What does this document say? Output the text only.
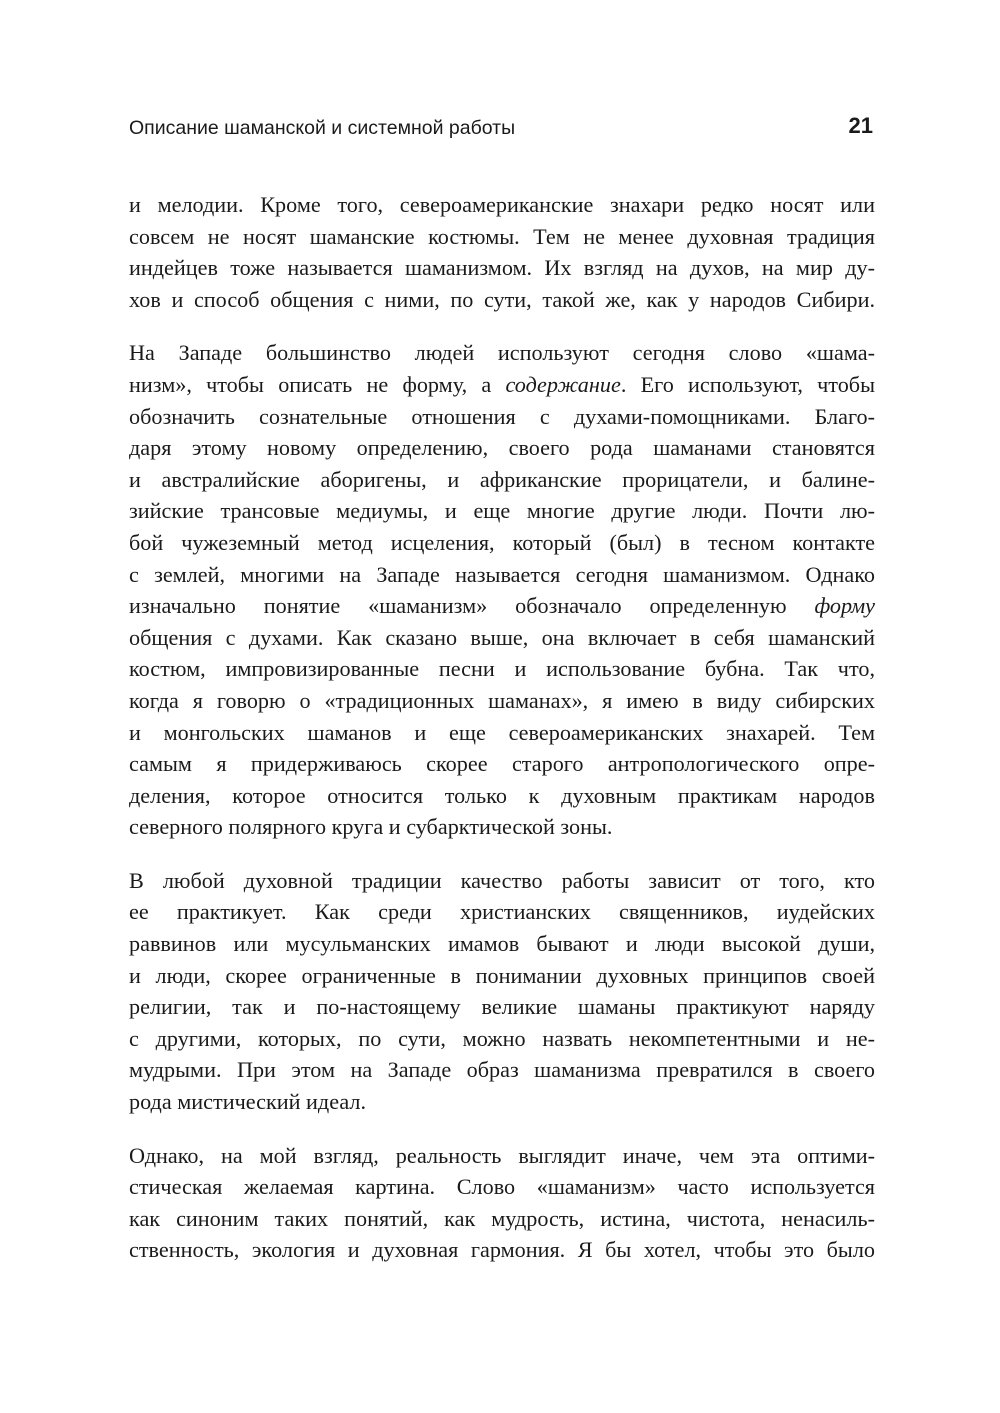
Описание шаманской и системной работы	21

и мелодии. Кроме того, североамериканские знахари редко носят или
совсем не носят шаманские костюмы. Тем не менее духовная традиция
индейцев тоже называется шаманизмом. Их взгляд на духов, на мир ду-
хов и способ общения с ними, по сути, такой же, как у народов Сибири.

На Западе большинство людей используют сегодня слово «шама-
низм», чтобы описать не форму, а содержание. Его используют, чтобы
обозначить сознательные отношения с духами-помощниками. Благо-
даря этому новому определению, своего рода шаманами становятся
и австралийские аборигены, и африканские прорицатели, и балине-
зийские трансовые медиумы, и еще многие другие люди. Почти лю-
бой чужеземный метод исцеления, который (был) в тесном контакте
с землей, многими на Западе называется сегодня шаманизмом. Однако
изначально понятие «шаманизм» обозначало определенную форму
общения с духами. Как сказано выше, она включает в себя шаманский
костюм, импровизированные песни и использование бубна. Так что,
когда я говорю о «традиционных шаманах», я имею в виду сибирских
и монгольских шаманов и еще североамериканских знахарей. Тем
самым я придерживаюсь скорее старого антропологического опре-
деления, которое относится только к духовным практикам народов
северного полярного круга и субарктической зоны.

В любой духовной традиции качество работы зависит от того, кто
ее практикует. Как среди христианских священников, иудейских
раввинов или мусульманских имамов бывают и люди высокой души,
и люди, скорее ограниченные в понимании духовных принципов своей
религии, так и по-настоящему великие шаманы практикуют наряду
с другими, которых, по сути, можно назвать некомпетентными и не-
мудрыми. При этом на Западе образ шаманизма превратился в своего
рода мистический идеал.

Однако, на мой взгляд, реальность выглядит иначе, чем эта оптими-
стическая желаемая картина. Слово «шаманизм» часто используется
как синоним таких понятий, как мудрость, истина, чистота, ненасиль-
ственность, экология и духовная гармония. Я бы хотел, чтобы это было
